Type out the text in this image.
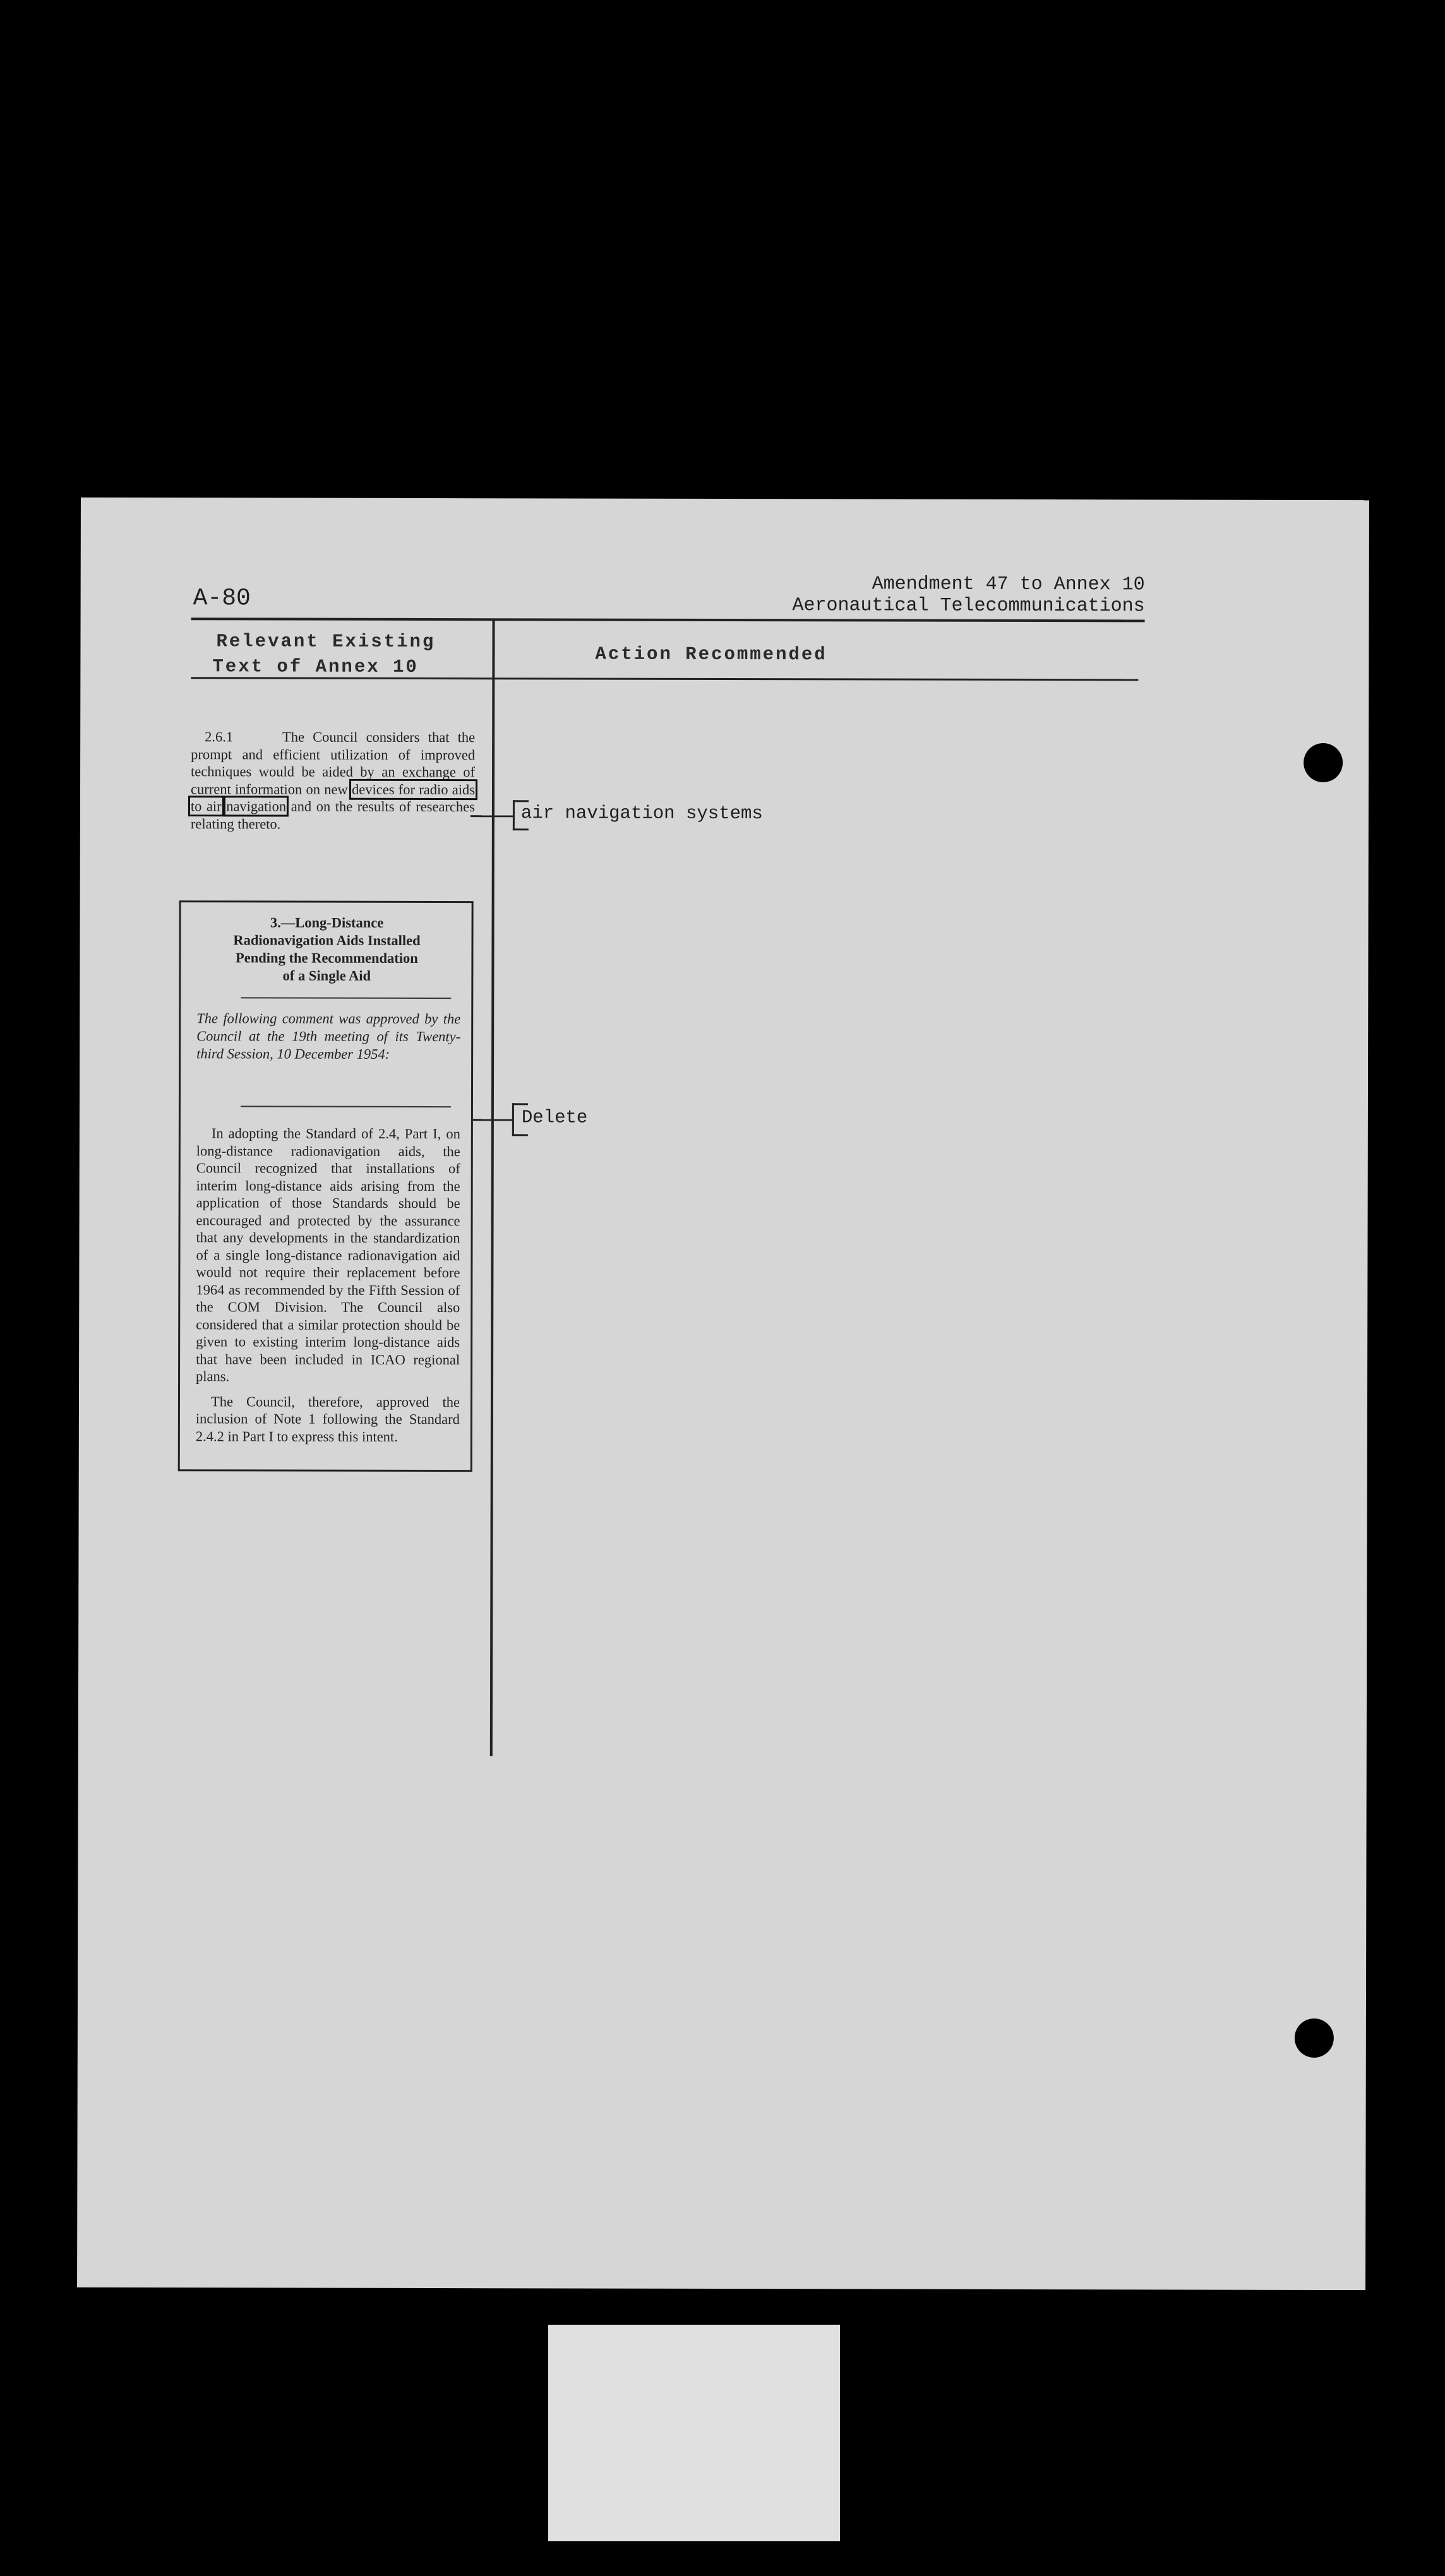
A-80
Amendment 47 to Annex 10
Aeronautical Telecommunications
Relevant Existing
Text of Annex 10
Action Recommended
2.6.1	The Council considers that the prompt and efficient utilization of improved techniques would be aided by an exchange of current information on new devices for radio aids to air navigation and on the results of researches relating thereto.	air navigation systems
3.—Long-Distance
Radionavigation Aids Installed
Pending the Recommendation
of a Single Aid
The following comment was approved by the Council at the 19th meeting of its Twenty-third Session, 10 December 1954:

In adopting the Standard of 2.4, Part I, on long-distance radionavigation aids, the Council recognized that installations of interim long-distance aids arising from the application of those Standards should be encouraged and protected by the assurance that any developments in the standardization of a single long-distance radionavigation aid would not require their replacement before 1964 as recommended by the Fifth Session of the COM Division. The Council also considered that a similar protection should be given to existing interim long-distance aids that have been included in ICAO regional plans.

The Council, therefore, approved the inclusion of Note 1 following the Standard 2.4.2 in Part I to express this intent.

Delete
